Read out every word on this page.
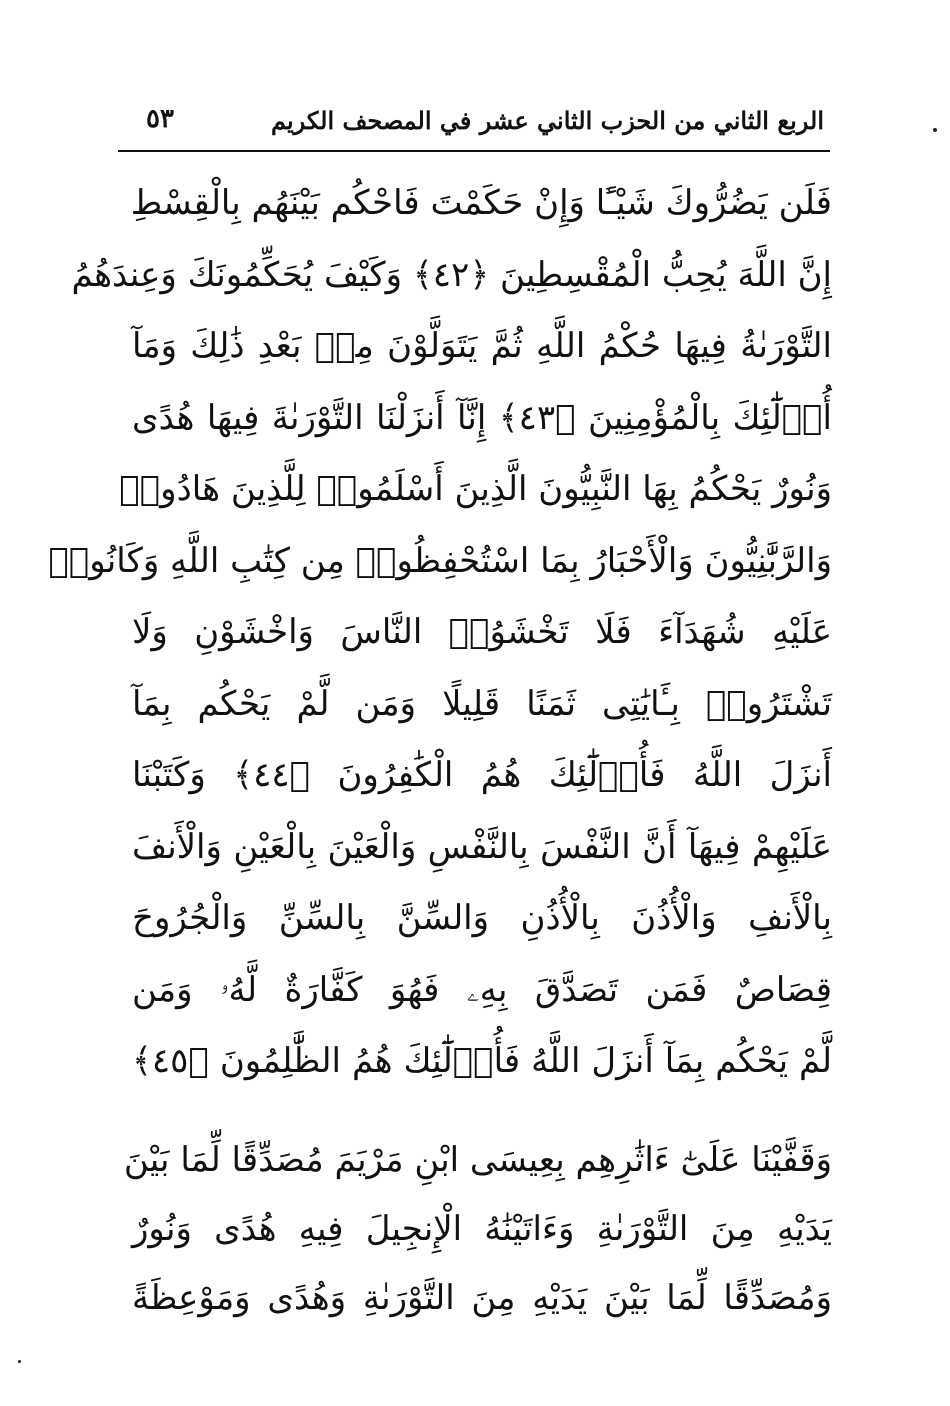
٥٣	الربع الثاني من الحزب الثاني عشر في المصحف الكريم
فَلَن يَضُرُّوكَ شَيْـًٔا وَإِنْ حَكَمْتَ فَاحْكُم بَيْنَهُم بِالْقِسْطِ
إِنَّ اللَّهَ يُحِبُّ الْمُقْسِطِينَ ﴿٤٢﴾ وَكَيْفَ يُحَكِّمُونَكَ وَعِندَهُمُ
التَّوْرَىٰةُ فِيهَا حُكْمُ اللَّهِ ثُمَّ يَتَوَلَّوْنَ مِنۢ بَعْدِ ذَٰلِكَ وَمَآ
أُو۟لَٰٓئِكَ بِالْمُؤْمِنِينَ ﴿٤٣﴾ إِنَّآ أَنزَلْنَا التَّوْرَىٰةَ فِيهَا هُدًى
وَنُورٌ يَحْكُمُ بِهَا النَّبِيُّونَ الَّذِينَ أَسْلَمُوا۟ لِلَّذِينَ هَادُوا۟
وَالرَّبَّٰنِيُّونَ وَالْأَحْبَارُ بِمَا اسْتُحْفِظُوا۟ مِن كِتَٰبِ اللَّهِ وَكَانُوا۟
عَلَيْهِ شُهَدَآءَ فَلَا تَخْشَوُا۟ النَّاسَ وَاخْشَوْنِ وَلَا
تَشْتَرُوا۟ بِـَٔايَٰتِى ثَمَنًا قَلِيلًا وَمَن لَّمْ يَحْكُم بِمَآ
أَنزَلَ اللَّهُ فَأُو۟لَٰٓئِكَ هُمُ الْكَٰفِرُونَ ﴿٤٤﴾ وَكَتَبْنَا
عَلَيْهِمْ فِيهَآ أَنَّ النَّفْسَ بِالنَّفْسِ وَالْعَيْنَ بِالْعَيْنِ وَالْأَنفَ
بِالْأَنفِ وَالْأُذُنَ بِالْأُذُنِ وَالسِّنَّ بِالسِّنِّ وَالْجُرُوحَ
قِصَاصٌ فَمَن تَصَدَّقَ بِهِۦ فَهُوَ كَفَّارَةٌ لَّهُۥ وَمَن
لَّمْ يَحْكُم بِمَآ أَنزَلَ اللَّهُ فَأُو۟لَٰٓئِكَ هُمُ الظَّٰلِمُونَ ﴿٤٥﴾
وَقَفَّيْنَا عَلَىٰٓ ءَاثَٰرِهِم بِعِيسَى ابْنِ مَرْيَمَ مُصَدِّقًا لِّمَا بَيْنَ
يَدَيْهِ مِنَ التَّوْرَىٰةِ وَءَاتَيْنَٰهُ الْإِنجِيلَ فِيهِ هُدًى وَنُورٌ
وَمُصَدِّقًا لِّمَا بَيْنَ يَدَيْهِ مِنَ التَّوْرَىٰةِ وَهُدًى وَمَوْعِظَةً
